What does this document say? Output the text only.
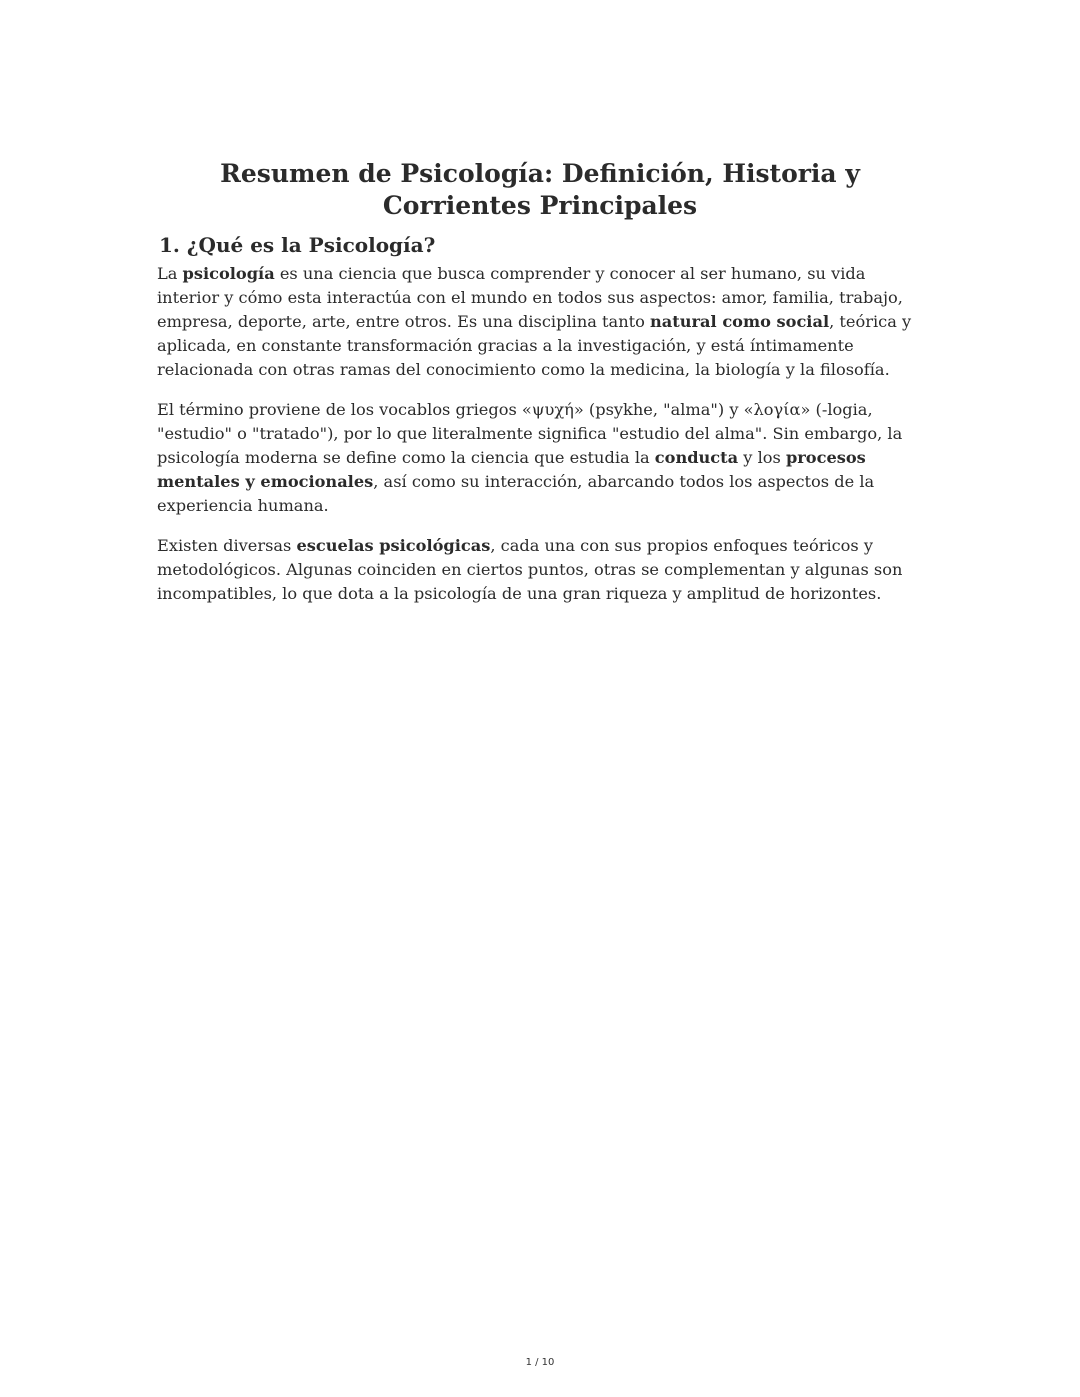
Resumen de Psicología: Definición, Historia y Corrientes Principales
1. ¿Qué es la Psicología?

La psicología es una ciencia que busca comprender y conocer al ser humano, su vida interior y cómo esta interactúa con el mundo en todos sus aspectos: amor, familia, trabajo, empresa, deporte, arte, entre otros. Es una disciplina tanto natural como social, teórica y aplicada, en constante transformación gracias a la investigación, y está íntimamente relacionada con otras ramas del conocimiento como la medicina, la biología y la filosofía.

El término proviene de los vocablos griegos «ψυχή» (psykhe, "alma") y «λογία» (-logia, "estudio" o "tratado"), por lo que literalmente significa "estudio del alma". Sin embargo, la psicología moderna se define como la ciencia que estudia la conducta y los procesos mentales y emocionales, así como su interacción, abarcando todos los aspectos de la experiencia humana.

Existen diversas escuelas psicológicas, cada una con sus propios enfoques teóricos y metodológicos. Algunas coinciden en ciertos puntos, otras se complementan y algunas son incompatibles, lo que dota a la psicología de una gran riqueza y amplitud de horizontes.

1 / 10
